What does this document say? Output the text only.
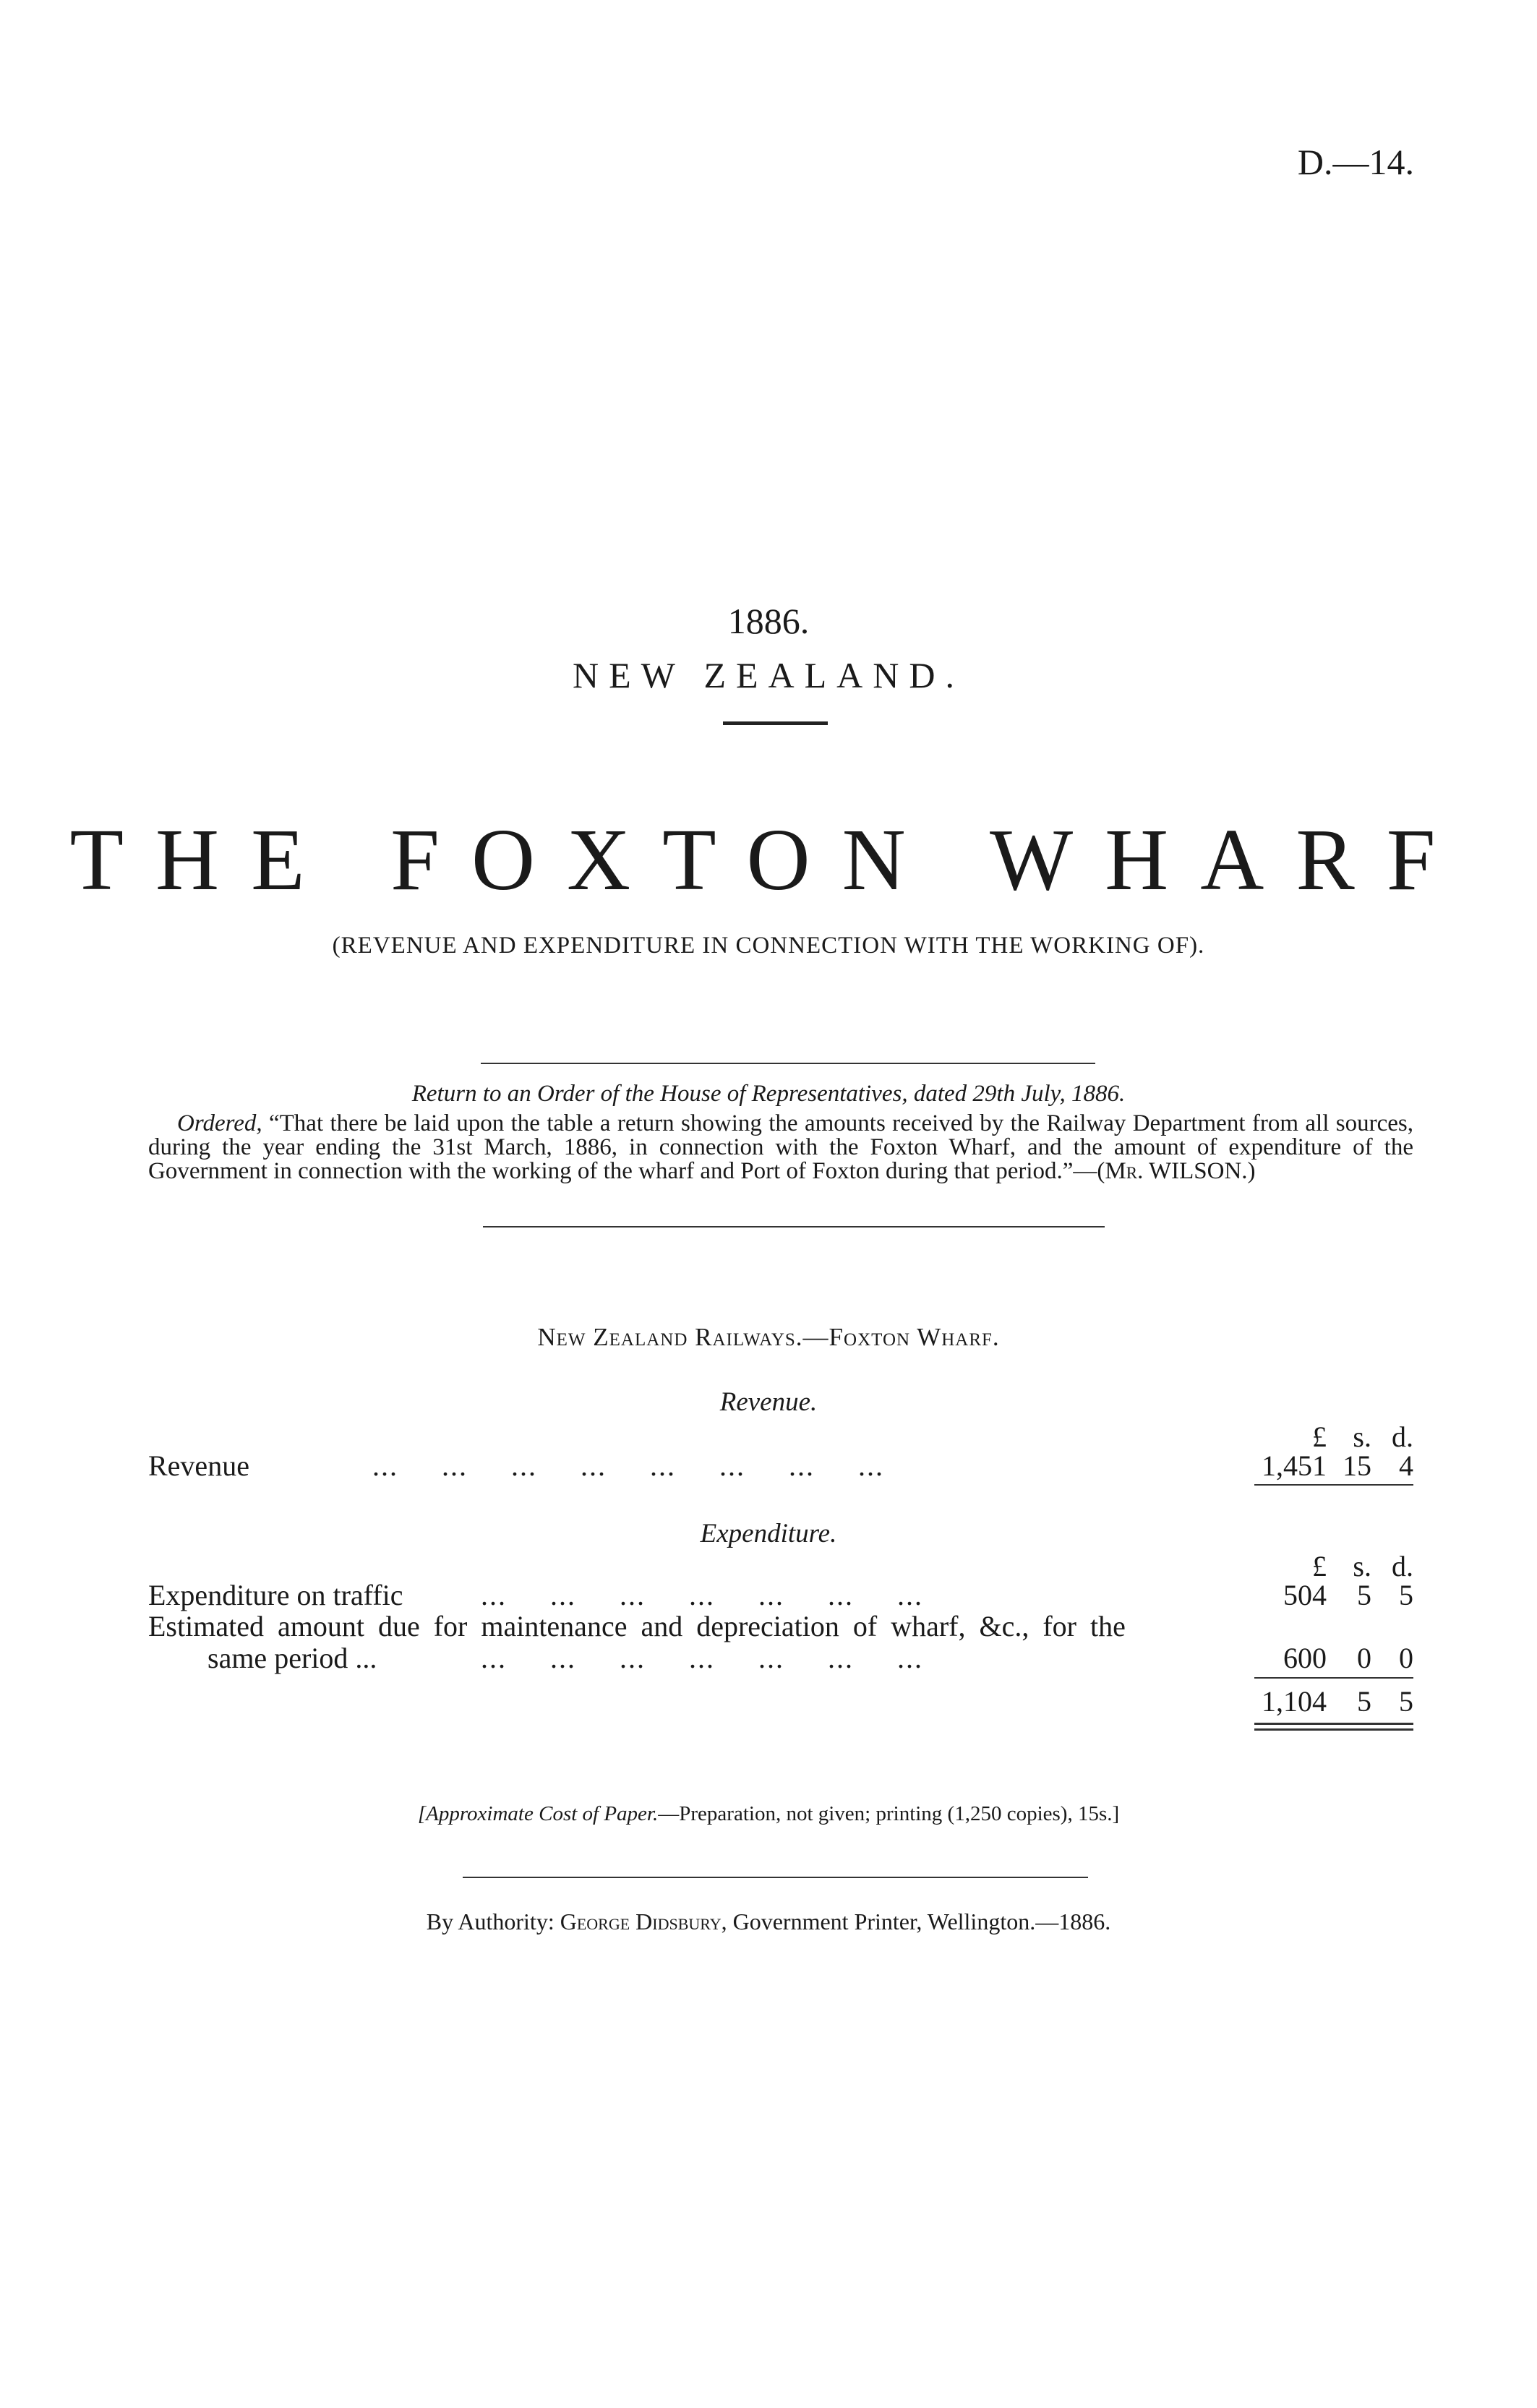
D.—14.
1886.
NEW ZEALAND.
THE FOXTON WHARF
(REVENUE AND EXPENDITURE IN CONNECTION WITH THE WORKING OF).
Return to an Order of the House of Representatives, dated 29th July, 1886.
Ordered, “That there be laid upon the table a return showing the amounts received by the Railway Department from all sources, during the year ending the 31st March, 1886, in connection with the Foxton Wharf, and the amount of expenditure of the Government in connection with the working of the wharf and Port of Foxton during that period.”—(Mr. WILSON.)
New Zealand Railways.—Foxton Wharf.
Revenue.
£ s. d.
Revenue	...     ...     ...     ...     ...     ...     ...     ...	1,451 15 4
Expenditure.
£ s. d.
Expenditure on traffic	...     ...     ...     ...     ...     ...     ...	504 5 5
Estimated amount due for maintenance and depreciation of wharf, &c., for the
same period ...	...     ...     ...     ...     ...     ...     ...	600 0 0
1,104 5 5
[Approximate Cost of Paper.—Preparation, not given; printing (1,250 copies), 15s.]
By Authority: George Didsbury, Government Printer, Wellington.—1886.
